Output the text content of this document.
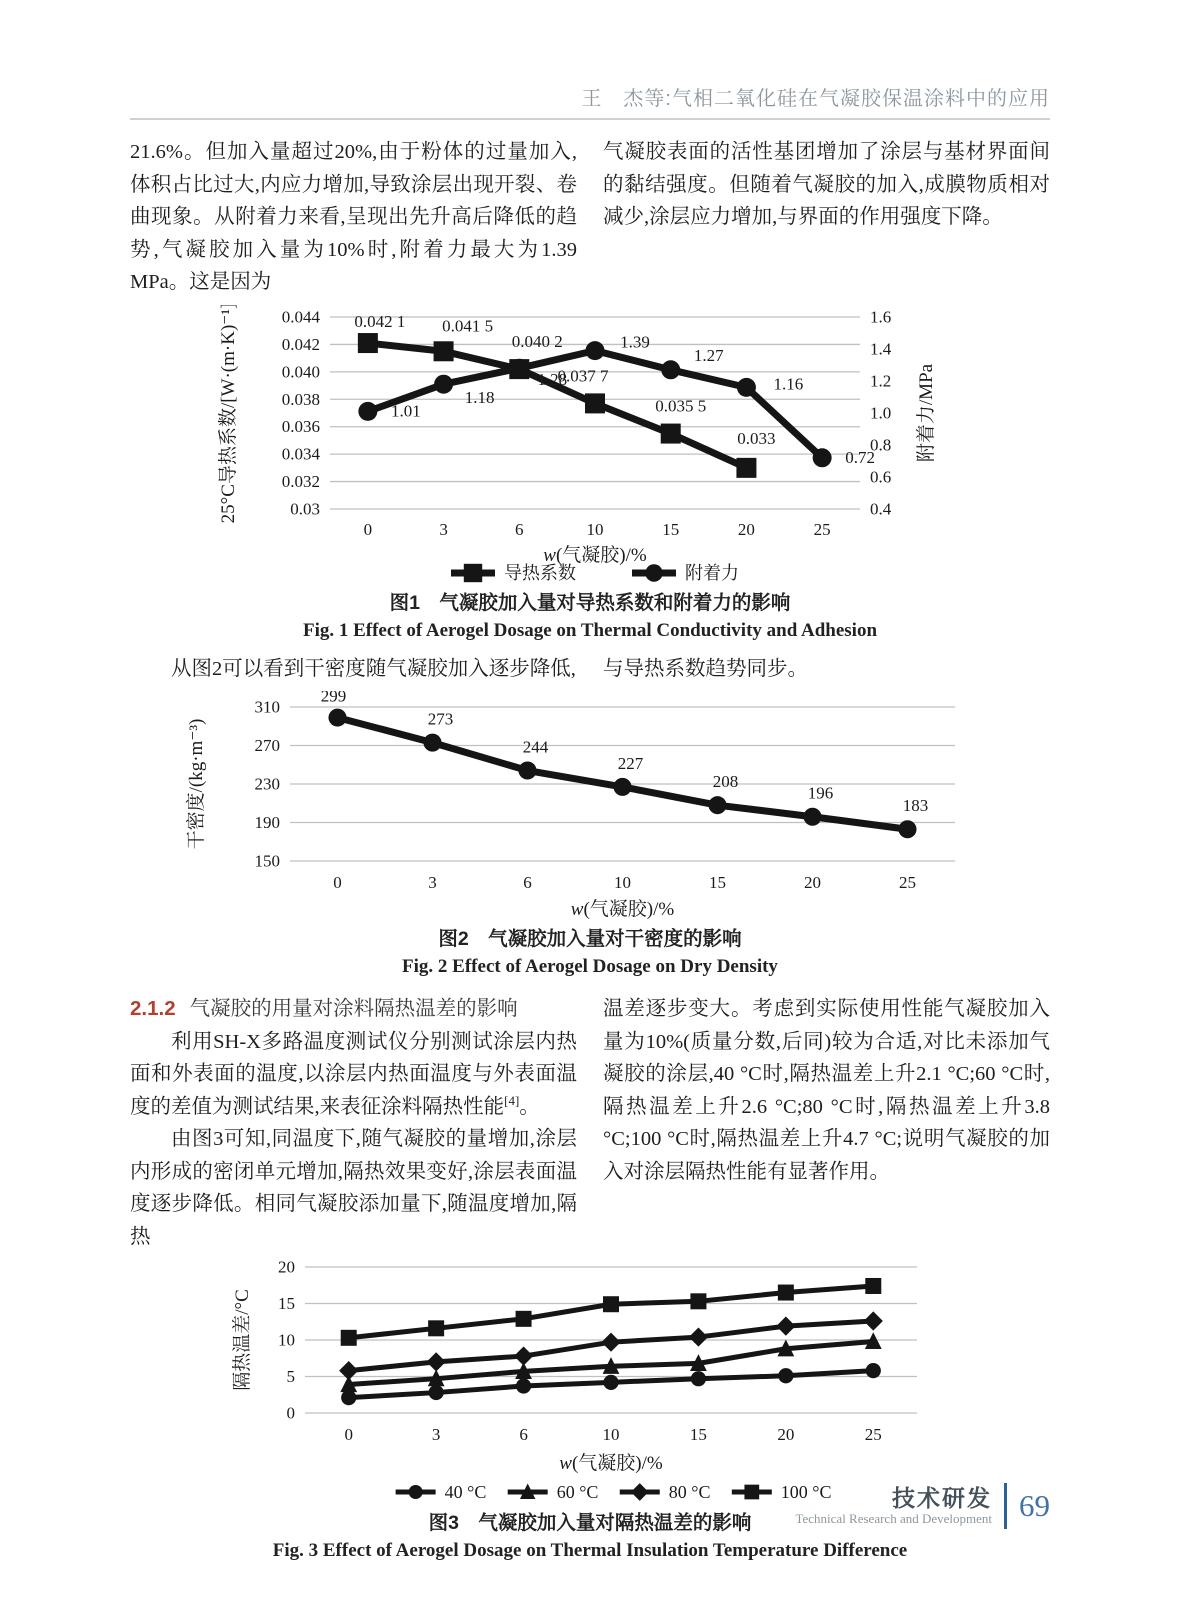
王　杰等:气相二氧化硅在气凝胶保温涂料中的应用

21.6%。但加入量超过20%,由于粉体的过量加入,体积占比过大,内应力增加,导致涂层出现开裂、卷曲现象。从附着力来看,呈现出先升高后降低的趋势,气凝胶加入量为10%时,附着力最大为1.39 MPa。这是因为

气凝胶表面的活性基团增加了涂层与基材界面间的黏结强度。但随着气凝胶的加入,成膜物质相对减少,涂层应力增加,与界面的作用强度下降。

0.044
0.042
0.040
0.038
0.036
0.034
0.032
0.03
1.6
1.4
1.2
1.0
0.8
0.6
0.4
0	3	6	10	15	20	25
w(气凝胶)/%
25°C导热系数/[W·(m·K)⁻¹]	附着力/MPa
0.042 1 0.041 5
0.040 2
0.037 7
0.035 5
0.033
1.01
1.18
1.28
1.39
1.27
1.16
0.72
导热系数	附着力
图1　气凝胶加入量对导热系数和附着力的影响
Fig. 1 Effect of Aerogel Dosage on Thermal Conductivity and Adhesion

从图2可以看到干密度随气凝胶加入逐步降低, 与导热系数趋势同步。

310
270
230
190
150
0	3	6	10	15	20	25
w(气凝胶)/%
干密度/(kg·m⁻³)
299
273
244
227
208
196
183
图2　气凝胶加入量对干密度的影响
Fig. 2 Effect of Aerogel Dosage on Dry Density
2.1.2 气凝胶的用量对涂料隔热温差的影响

利用SH-X多路温度测试仪分别测试涂层内热面和外表面的温度,以涂层内热面温度与外表面温度的差值为测试结果,来表征涂料隔热性能[4]。

由图3可知,同温度下,随气凝胶的量增加,涂层内形成的密闭单元增加,隔热效果变好,涂层表面温度逐步降低。相同气凝胶添加量下,随温度增加,隔热

温差逐步变大。考虑到实际使用性能气凝胶加入量为10%(质量分数,后同)较为合适,对比未添加气凝胶的涂层,40 °C时,隔热温差上升2.1 °C;60 °C时,隔热温差上升2.6 °C;80 °C时,隔热温差上升3.8 °C;100 °C时,隔热温差上升4.7 °C;说明气凝胶的加入对涂层隔热性能有显著作用。

20
15
10
5
0
0	3	6	10	15	20	25
w(气凝胶)/%
隔热温差/°C
40 °C	60 °C	80 °C	100 °C
图3　气凝胶加入量对隔热温差的影响
Fig. 3 Effect of Aerogel Dosage on Thermal Insulation Temperature Difference
技术研发
Technical Research and Development 69
